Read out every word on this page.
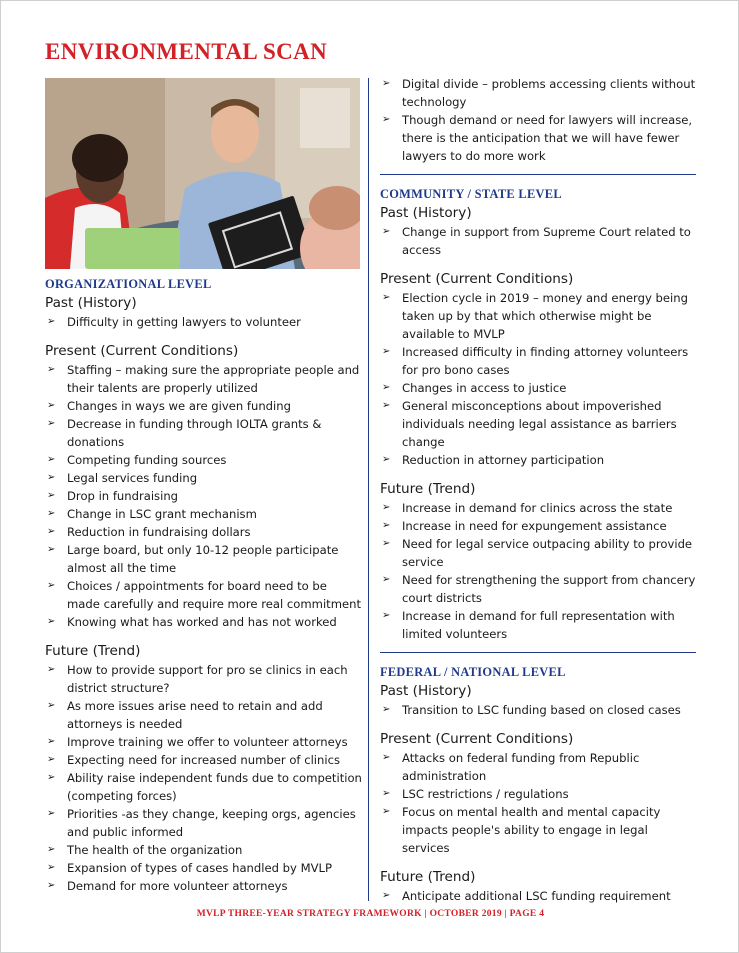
ENVIRONMENTAL SCAN
ORGANIZATIONAL LEVEL
Past (History)
➢ Difficulty in getting lawyers to volunteer
Present (Current Conditions)
➢ Staffing – making sure the appropriate people and their talents are properly utilized
➢ Changes in ways we are given funding
➢ Decrease in funding through IOLTA grants & donations
➢ Competing funding sources
➢ Legal services funding
➢ Drop in fundraising
➢ Change in LSC grant mechanism
➢ Reduction in fundraising dollars
➢ Large board, but only 10-12 people participate almost all the time
➢ Choices / appointments for board need to be made carefully and require more real commitment
➢ Knowing what has worked and has not worked
Future (Trend)
➢ How to provide support for pro se clinics in each district structure?
➢ As more issues arise need to retain and add attorneys is needed
➢ Improve training we offer to volunteer attorneys
➢ Expecting need for increased number of clinics
➢ Ability raise independent funds due to competition (competing forces)
➢ Priorities -as they change, keeping orgs, agencies and public informed
➢ The health of the organization
➢ Expansion of types of cases handled by MVLP
➢ Demand for more volunteer attorneys
➢ Digital divide – problems accessing clients without technology
➢ Though demand or need for lawyers will increase, there is the anticipation that we will have fewer lawyers to do more work
COMMUNITY / STATE LEVEL
Past (History)
➢ Change in support from Supreme Court related to access
Present (Current Conditions)
➢ Election cycle in 2019 – money and energy being taken up by that which otherwise might be available to MVLP
➢ Increased difficulty in finding attorney volunteers for pro bono cases
➢ Changes in access to justice
➢ General misconceptions about impoverished individuals needing legal assistance as barriers change
➢ Reduction in attorney participation
Future (Trend)
➢ Increase in demand for clinics across the state
➢ Increase in need for expungement assistance
➢ Need for legal service outpacing ability to provide service
➢ Need for strengthening the support from chancery court districts
➢ Increase in demand for full representation with limited volunteers
FEDERAL / NATIONAL LEVEL
Past (History)
➢ Transition to LSC funding based on closed cases
Present (Current Conditions)
➢ Attacks on federal funding from Republic administration
➢ LSC restrictions / regulations
➢ Focus on mental health and mental capacity impacts people's ability to engage in legal services
Future (Trend)
➢ Anticipate additional LSC funding requirement
MVLP THREE-YEAR STRATEGY FRAMEWORK | OCTOBER 2019 | PAGE 4
